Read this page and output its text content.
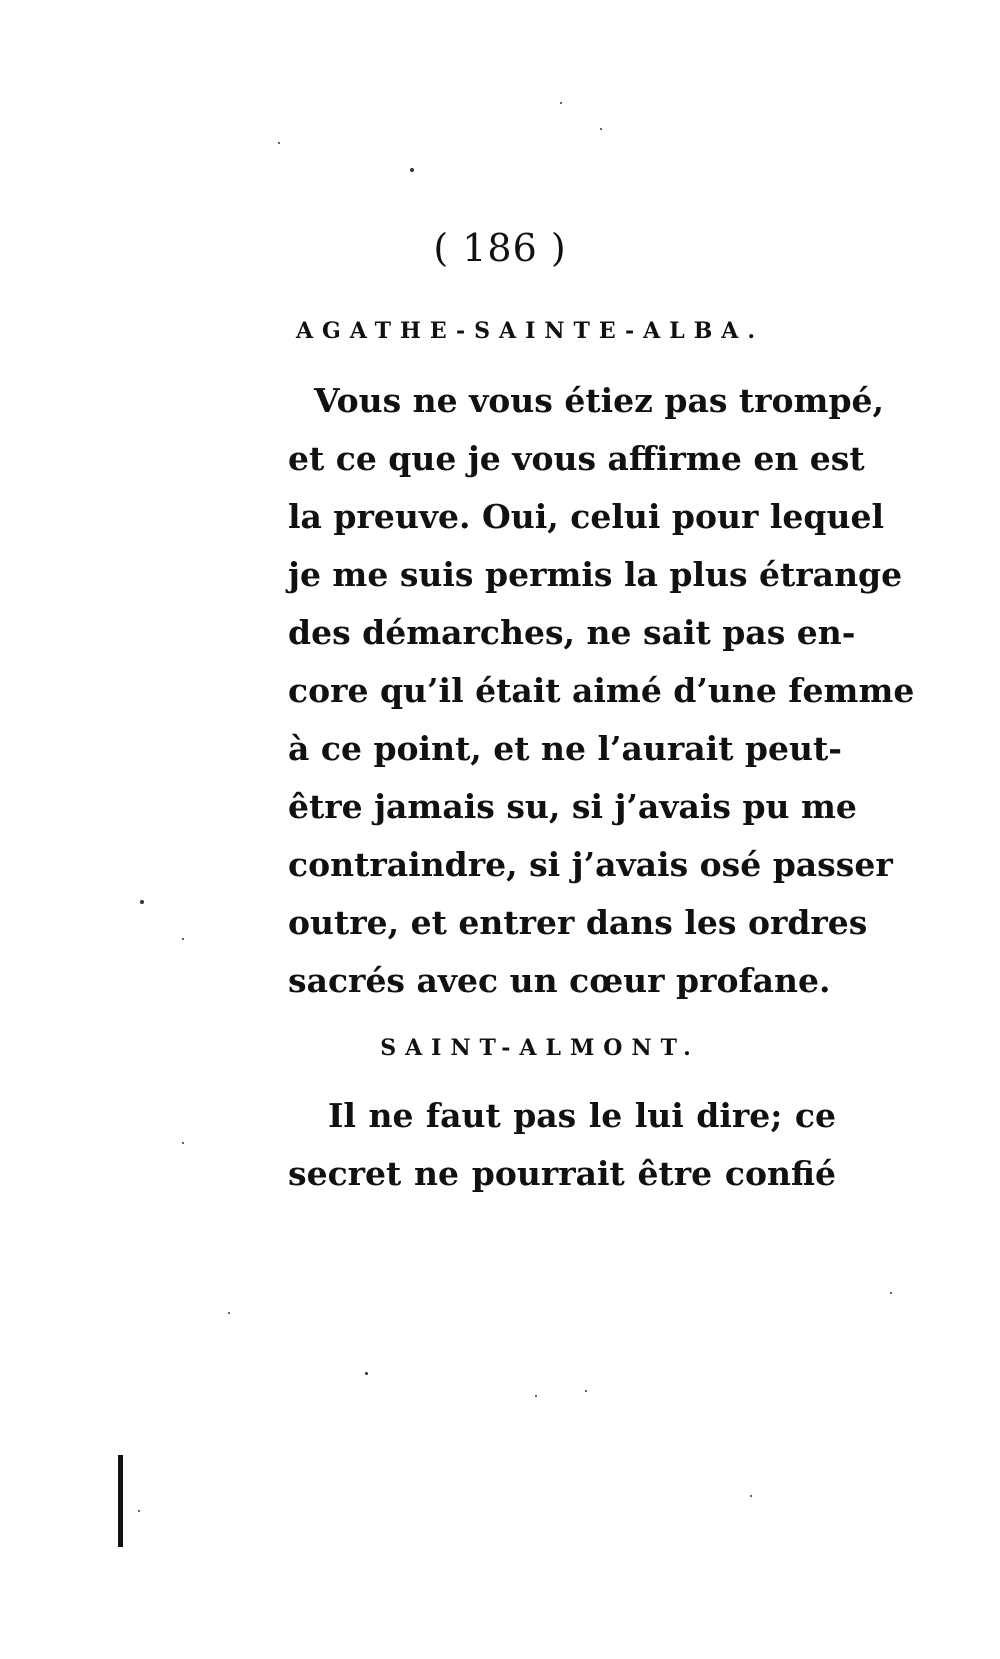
( 186 )
AGATHE-SAINTE-ALBA.
Vous ne vous étiez pas trompé,
et ce que je vous affirme en est
la preuve. Oui, celui pour lequel
je me suis permis la plus étrange
des démarches, ne sait pas en-
core qu’il était aimé d’une femme
à ce point, et ne l’aurait peut-
être jamais su, si j’avais pu me
contraindre, si j’avais osé passer
outre, et entrer dans les ordres
sacrés avec un cœur profane.
SAINT-ALMONT.
Il ne faut pas le lui dire; ce
secret ne pourrait être confié
